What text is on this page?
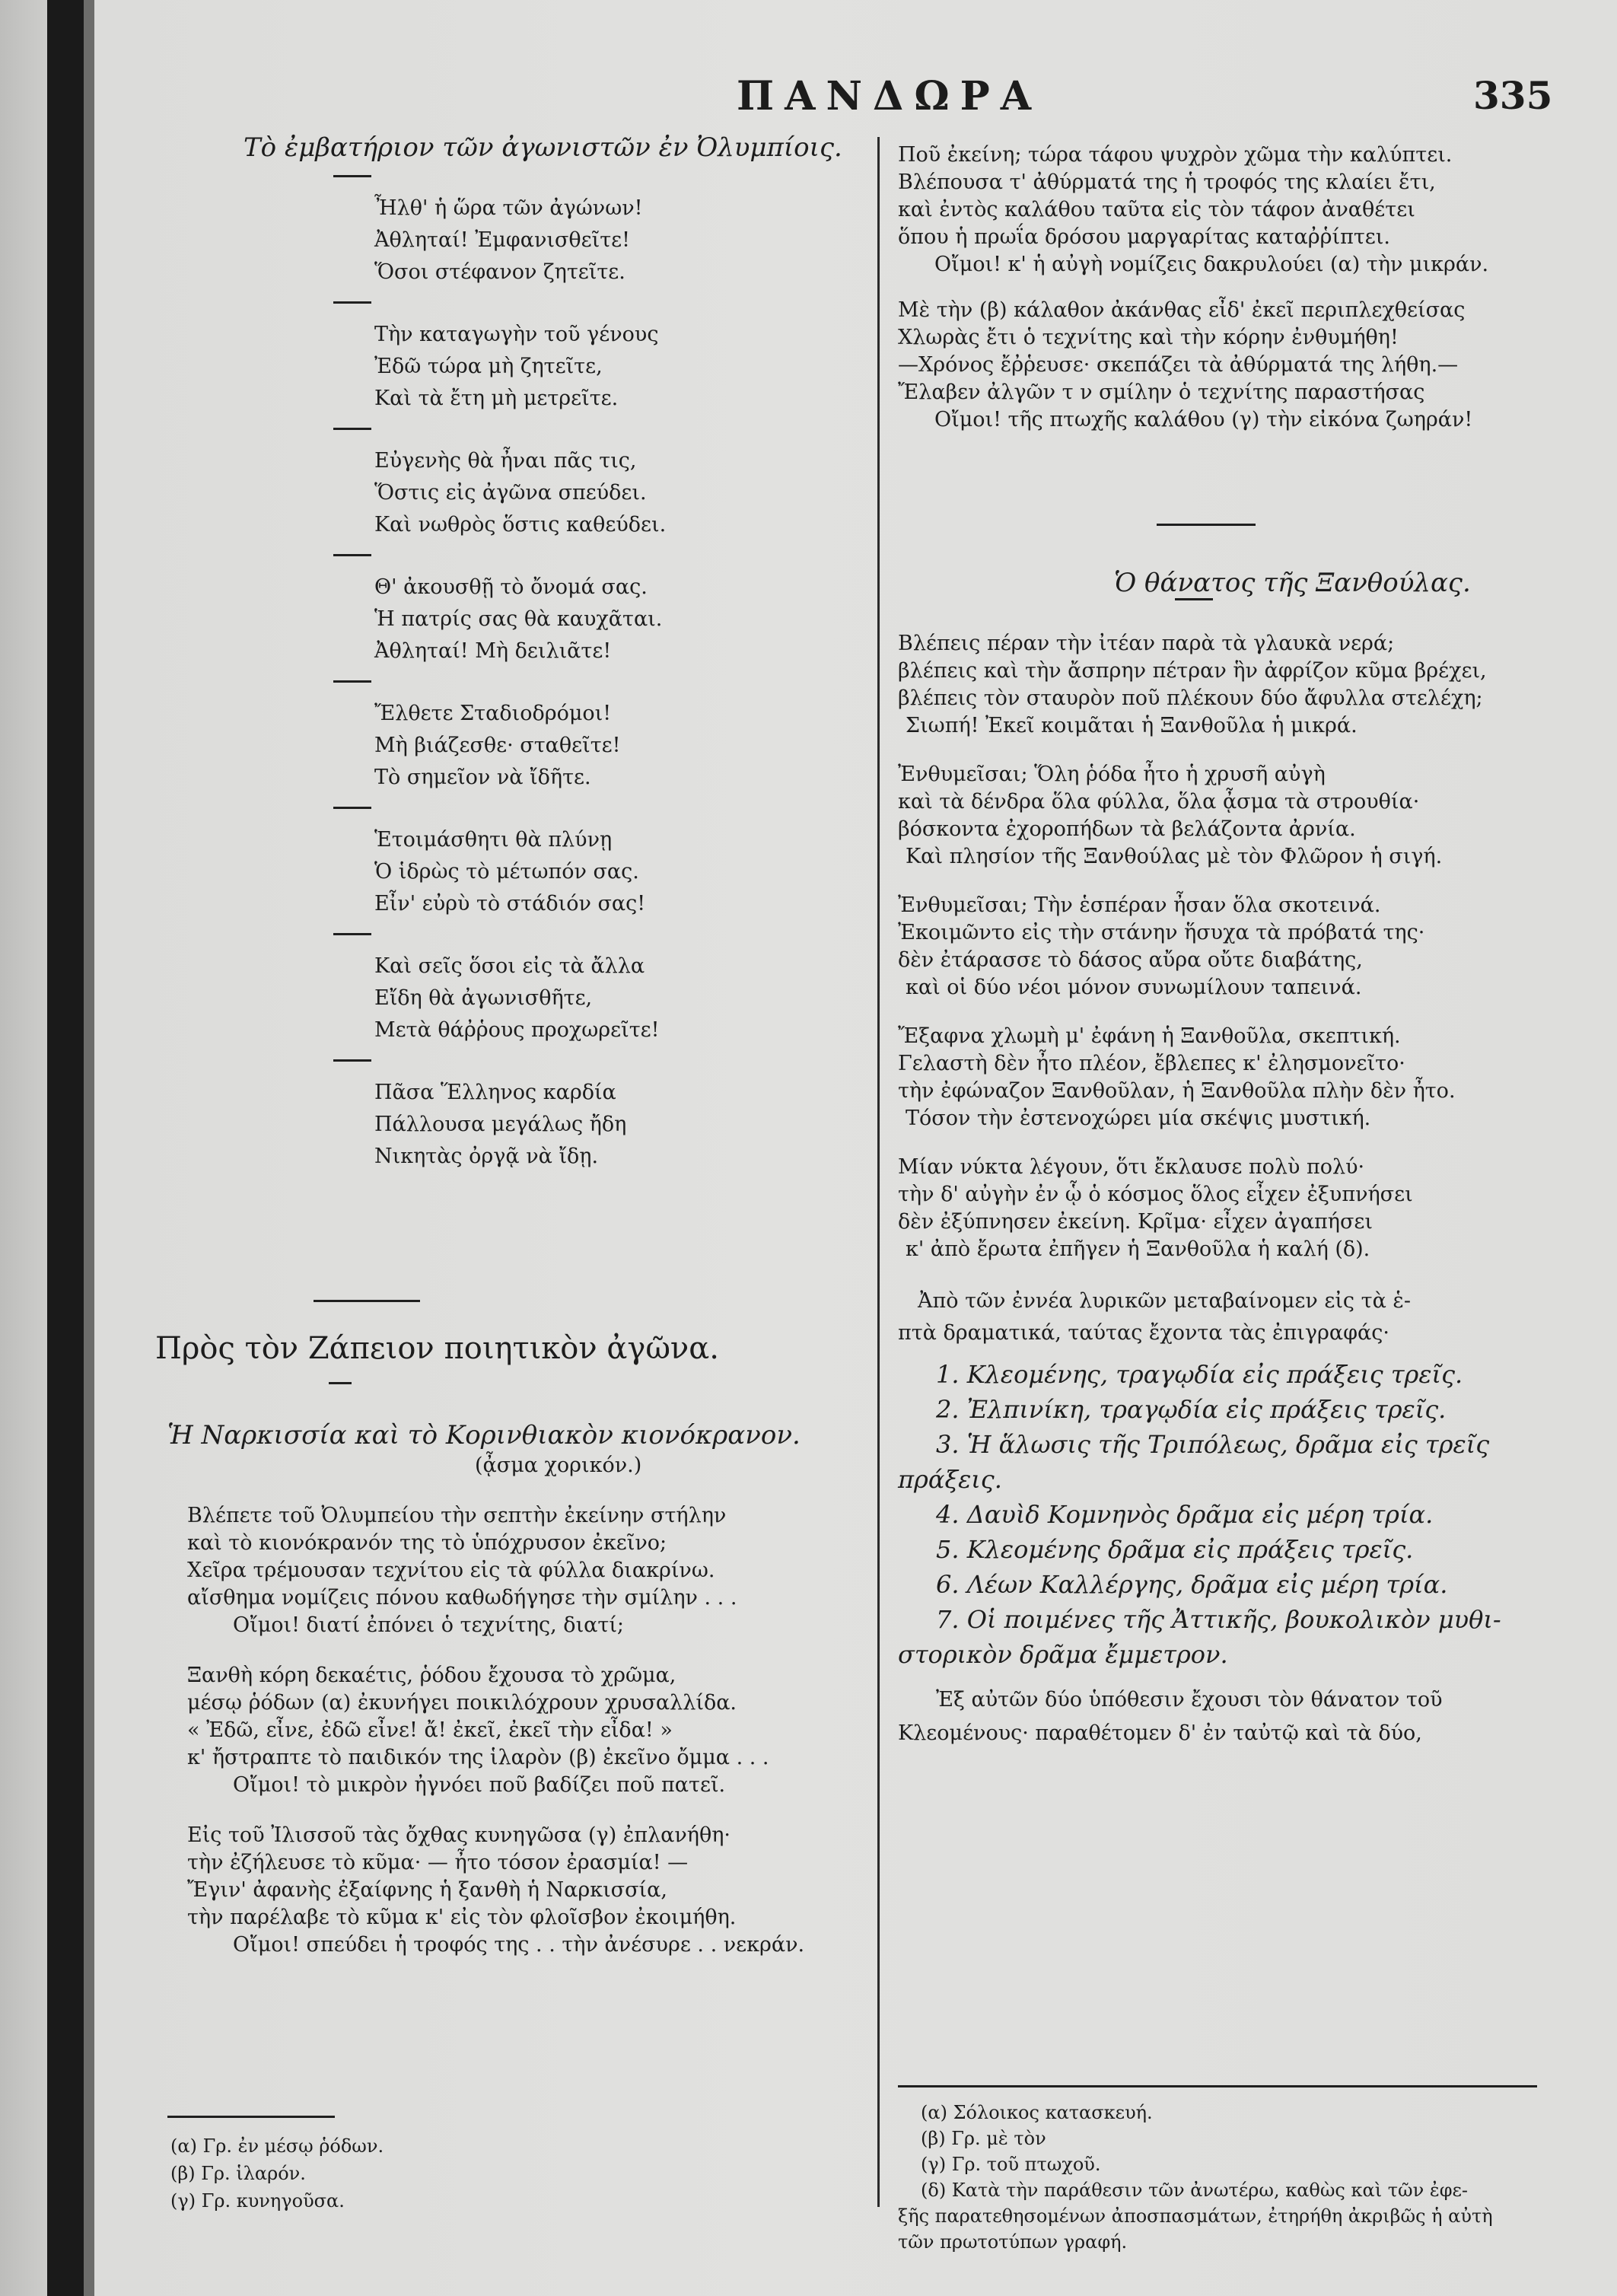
ΠΑΝΔΩΡΑ	335
Τὸ ἐμβατήριον τῶν ἀγωνιστῶν ἐν Ὀλυμπίοις.
Ἦλθ' ἡ ὥρα τῶν ἀγώνων!
Ἀθληταί! Ἐμφανισθεῖτε!
Ὅσοι στέφανον ζητεῖτε.
Τὴν καταγωγὴν τοῦ γένους
Ἐδῶ τώρα μὴ ζητεῖτε,
Καὶ τὰ ἔτη μὴ μετρεῖτε.
Εὐγενὴς θὰ ἦναι πᾶς τις,
Ὅστις εἰς ἀγῶνα σπεύδει.
Καὶ νωθρὸς ὅστις καθεύδει.
Θ' ἀκουσθῇ τὸ ὄνομά σας.
Ἡ πατρίς σας θὰ καυχᾶται.
Ἀθληταί! Μὴ δειλιᾶτε!
Ἔλθετε Σταδιοδρόμοι!
Μὴ βιάζεσθε· σταθεῖτε!
Τὸ σημεῖον νὰ ἴδῆτε.
Ἑτοιμάσθητι θὰ πλύνῃ
Ὁ ἱδρὼς τὸ μέτωπόν σας.
Εἶν' εὐρὺ τὸ στάδιόν σας!
Καὶ σεῖς ὅσοι εἰς τὰ ἄλλα
Εἴδη θὰ ἀγωνισθῆτε,
Μετὰ θάῤῥους προχωρεῖτε!
Πᾶσα Ἕλληνος καρδία
Πάλλουσα μεγάλως ἤδη
Νικητὰς ὀργᾷ νὰ ἴδῃ.
Πρὸς τὸν Ζάπειον ποιητικὸν ἀγῶνα.
Ἡ Ναρκισσία καὶ τὸ Κορινθιακὸν κιονόκρανον.
(ᾆσμα χορικόν.)
Βλέπετε τοῦ Ὀλυμπείου τὴν σεπτὴν ἐκείνην στήλην
καὶ τὸ κιονόκρανόν της τὸ ὑπόχρυσον ἐκεῖνο;
Χεῖρα τρέμουσαν τεχνίτου εἰς τὰ φύλλα διακρίνω.
αἴσθημα νομίζεις πόνου καθωδήγησε τὴν σμίλην . . .
Οἴμοι! διατί ἐπόνει ὁ τεχνίτης, διατί;
Ξανθὴ κόρη δεκαέτις, ῥόδου ἔχουσα τὸ χρῶμα,
μέσῳ ῥόδων (α) ἐκυνήγει ποικιλόχρουν χρυσαλλίδα.
« Ἐδῶ, εἶνε, ἐδῶ εἶνε! ἄ! ἐκεῖ, ἐκεῖ τὴν εἶδα! »
κ' ἤστραπτε τὸ παιδικόν της ἱλαρὸν (β) ἐκεῖνο ὄμμα . . .
Οἴμοι! τὸ μικρὸν ἠγνόει ποῦ βαδίζει ποῦ πατεῖ.
Εἰς τοῦ Ἰλισσοῦ τὰς ὄχθας κυνηγῶσα (γ) ἐπλανήθη·
τὴν ἐζήλευσε τὸ κῦμα· — ἦτο τόσον ἐρασμία! —
Ἔγιν' ἀφανὴς ἐξαίφνης ἡ ξανθὴ ἡ Ναρκισσία,
τὴν παρέλαβε τὸ κῦμα κ' εἰς τὸν φλοῖσβον ἐκοιμήθη.
Οἴμοι! σπεύδει ἡ τροφός της . . τὴν ἀνέσυρε . . νεκράν.
(α) Γρ. ἐν μέσῳ ῥόδων.
(β) Γρ. ἱλαρόν.
(γ) Γρ. κυνηγοῦσα.
Ποῦ ἐκείνη; τώρα τάφου ψυχρὸν χῶμα τὴν καλύπτει.
Βλέπουσα τ' ἀθύρματά της ἡ τροφός της κλαίει ἔτι,
καὶ ἐντὸς καλάθου ταῦτα εἰς τὸν τάφον ἀναθέτει
ὅπου ἡ πρωΐα δρόσου μαργαρίτας καταῤῥίπτει.
Οἴμοι! κ' ἡ αὐγὴ νομίζεις δακρυλούει (α) τὴν μικράν.
Μὲ τὴν (β) κάλαθον ἀκάνθας εἶδ' ἐκεῖ περιπλεχθείσας
Χλωρὰς ἔτι ὁ τεχνίτης καὶ τὴν κόρην ἐνθυμήθη!
—Χρόνος ἔῤῥευσε· σκεπάζει τὰ ἀθύρματά της λήθη.—
Ἔλαβεν ἀλγῶν τ ν σμίλην ὁ τεχνίτης παραστήσας
Οἴμοι! τῆς πτωχῆς καλάθου (γ) τὴν εἰκόνα ζωηράν!
Ὁ θάνατος τῆς Ξανθούλας.
Βλέπεις πέραν τὴν ἰτέαν παρὰ τὰ γλαυκὰ νερά;
βλέπεις καὶ τὴν ἄσπρην πέτραν ἣν ἀφρίζον κῦμα βρέχει,
βλέπεις τὸν σταυρὸν ποῦ πλέκουν δύο ἄφυλλα στελέχη;
Σιωπή! Ἐκεῖ κοιμᾶται ἡ Ξανθοῦλα ἡ μικρά.
Ἐνθυμεῖσαι; Ὅλη ῥόδα ἦτο ἡ χρυσῆ αὐγὴ
καὶ τὰ δένδρα ὅλα φύλλα, ὅλα ᾆσμα τὰ στρουθία·
βόσκοντα ἐχοροπήδων τὰ βελάζοντα ἀρνία.
Καὶ πλησίον τῆς Ξανθούλας μὲ τὸν Φλῶρον ἡ σιγή.
Ἐνθυμεῖσαι; Τὴν ἑσπέραν ἦσαν ὅλα σκοτεινά.
Ἐκοιμῶντο εἰς τὴν στάνην ἥσυχα τὰ πρόβατά της·
δὲν ἐτάρασσε τὸ δάσος αὔρα οὔτε διαβάτης,
καὶ οἱ δύο νέοι μόνον συνωμίλουν ταπεινά.
Ἔξαφνα χλωμὴ μ' ἐφάνη ἡ Ξανθοῦλα, σκεπτική.
Γελαστὴ δὲν ἦτο πλέον, ἔβλεπες κ' ἐλησμονεῖτο·
τὴν ἐφώναζον Ξανθοῦλαν, ἡ Ξανθοῦλα πλὴν δὲν ἦτο.
Τόσον τὴν ἐστενοχώρει μία σκέψις μυστική.
Μίαν νύκτα λέγουν, ὅτι ἔκλαυσε πολὺ πολύ·
τὴν δ' αὐγὴν ἐν ᾧ ὁ κόσμος ὅλος εἶχεν ἐξυπνήσει
δὲν ἐξύπνησεν ἐκείνη. Κρῖμα· εἶχεν ἀγαπήσει
κ' ἀπὸ ἔρωτα ἐπῆγεν ἡ Ξανθοῦλα ἡ καλή (δ).
Ἀπὸ τῶν ἐννέα λυρικῶν μεταβαίνομεν εἰς τὰ ἑ-
πτὰ δραματικά, ταύτας ἔχοντα τὰς ἐπιγραφάς·
1. Κλεομένης, τραγῳδία εἰς πράξεις τρεῖς.
2. Ἐλπινίκη, τραγῳδία εἰς πράξεις τρεῖς.
3. Ἡ ἅλωσις τῆς Τριπόλεως, δρᾶμα εἰς τρεῖς
πράξεις.
4. Δαυὶδ Κομνηνὸς δρᾶμα εἰς μέρη τρία.
5. Κλεομένης δρᾶμα εἰς πράξεις τρεῖς.
6. Λέων Καλλέργης, δρᾶμα εἰς μέρη τρία.
7. Οἱ ποιμένες τῆς Ἀττικῆς, βουκολικὸν μυθι-
στορικὸν δρᾶμα ἔμμετρον.
Ἐξ αὐτῶν δύο ὑπόθεσιν ἔχουσι τὸν θάνατον τοῦ
Κλεομένους· παραθέτομεν δ' ἐν ταὐτῷ καὶ τὰ δύο,
(α) Σόλοικος κατασκευή.
(β) Γρ. μὲ τὸν
(γ) Γρ. τοῦ πτωχοῦ.
(δ) Κατὰ τὴν παράθεσιν τῶν ἀνωτέρω, καθὼς καὶ τῶν ἐφε-
ξῆς παρατεθησομένων ἀποσπασμάτων, ἐτηρήθη ἀκριβῶς ἡ αὐτὴ
τῶν πρωτοτύπων γραφή.
